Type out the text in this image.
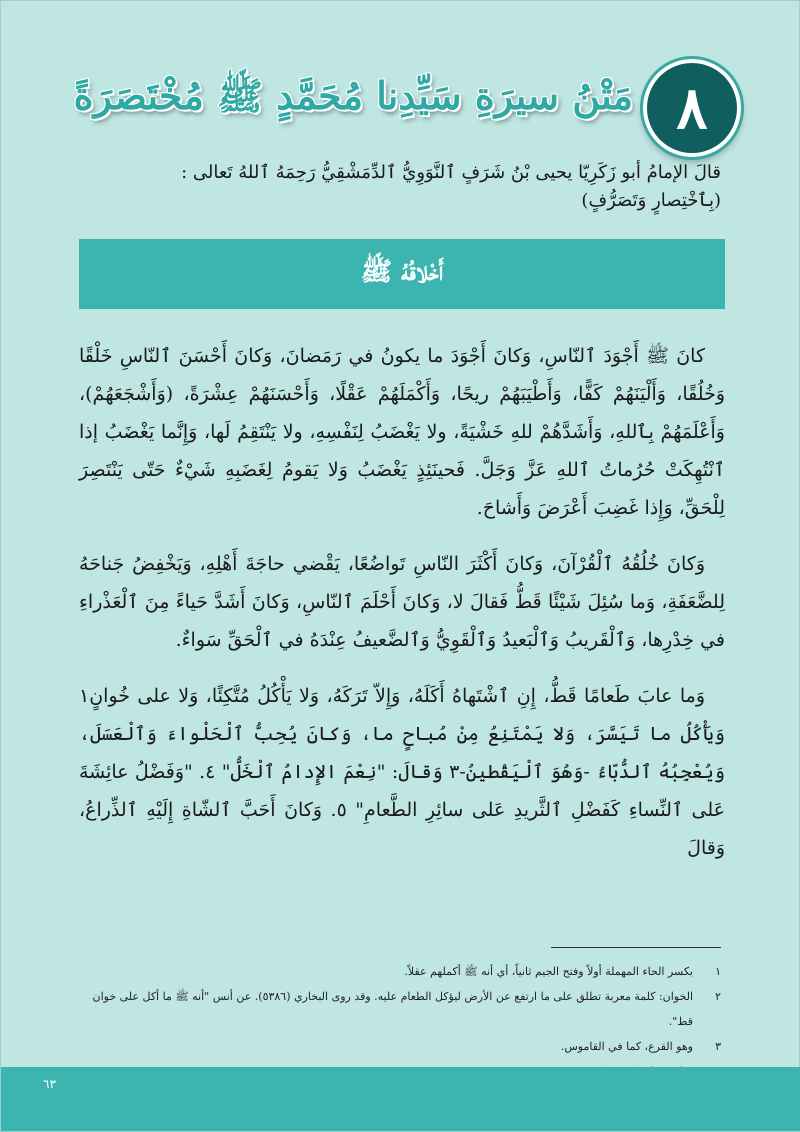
٨
مَتْنُ سيرَةِ سَيِّدِنا مُحَمَّدٍ ﷺ مُخْتَصَرَةً
قالَ الإمامُ أبو زَكَرِيّا يحيى بْنُ شَرَفٍ ٱلنَّوَوِيُّ ٱلدِّمَشْقِيُّ رَحِمَهُ ٱللهُ تَعالى :
(بِٱخْتِصارٍ وَتَصَرُّفٍ)
أَخْلاقُهُ ﷺ

كانَ ﷺ أَجْوَدَ ٱلنّاسِ، وَكانَ أَجْوَدَ ما يكونُ في رَمَضانَ، وَكانَ أَحْسَنَ ٱلنّاسِ خَلْقًا وَخُلُقًا، وَأَلْيَنَهُمْ كَفًّا، وَأَطْيَبَهُمْ ريحًا، وَأَكْمَلَهُمْ عَقْلًا، وَأَحْسَنَهُمْ عِشْرَةً، (وَأَشْجَعَهُمْ)، وَأَعْلَمَهُمْ بِٱللهِ، وَأَشَدَّهُمْ للهِ خَشْيَةً، ولا يَغْضَبُ لِنَفْسِهِ، ولا يَنْتَقِمُ لَها، وَإِنَّما يَغْضَبُ إذا ٱنْتُهِكَتْ حُرُماتُ ٱللهِ عَزَّ وَجَلَّ. فَحينَئِذٍ يَغْضَبُ وَلا يَقومُ لِغَضَبِهِ شَيْءٌ حَتّى يَنْتَصِرَ لِلْحَقِّ، وَإِذا غَضِبَ أَعْرَضَ وَأَشاحَ.

وَكانَ خُلُقُهُ ٱلْقُرْآنَ، وَكانَ أَكْثَرَ النّاسِ تَواضُعًا، يَقْضي حاجَةَ أَهْلِهِ، وَيَخْفِضُ جَناحَهُ لِلضَّعَفَةِ، وَما سُئِلَ شَيْئًا قَطُّ فَقالَ لا، وَكانَ أَحْلَمَ ٱلنّاسِ، وَكانَ أَشَدَّ حَياءً مِنَ ٱلْعَذْراءِ في خِدْرِها، وَٱلْقَريبُ وَٱلْبَعيدُ وَٱلْقَوِيُّ وَٱلضَّعيفُ عِنْدَهُ في ٱلْحَقِّ سَواءٌ.

وَما عابَ طَعامًا قَطُّ، إِنِ ٱشْتَهاهُ أَكَلَهُ، وَإِلاّ تَرَكَهُ، وَلا يَأْكُلُ مُتَّكِئًا، وَلا على خُوانٍ١ وَيَأْكُلُ ما تَيَسَّرَ، وَلا يَمْتَنِعُ مِنْ مُباحٍ ما، وَكانَ يُحِبُّ ٱلْحَلْواءَ وَٱلْعَسَلَ، وَيُعْجِبُهُ ٱلدُّبّاءُ -وَهُوَ ٱلْيَقْطينُ-٣ وَقالَ: "نِعْمَ الإِدامُ ٱلْخَلُّ" ٤. "وَفَضْلُ عائِشَةَ عَلى ٱلنِّساءِ كَفَضْلِ ٱلثَّريدِ عَلى سائِرِ الطَّعامِ" ٥. وَكانَ أَحَبَّ ٱلشّاةِ إِلَيْهِ ٱلذِّراعُ، وَقالَ

١
بكسر الحاء المهملة أولاً وفتح الجيم ثانياً، أي أنه ﷺ أكملهم عقلاً.
٢
الخوان: كلمة معربة تطلق على ما ارتفع عن الأرض ليؤكل الطعام عليه. وقد روى البخاري (٥٣٨٦). عن أنس "أنه ﷺ ما أكل على خوان قط".
٣
وهو القرع، كما في القاموس.
٦٣
